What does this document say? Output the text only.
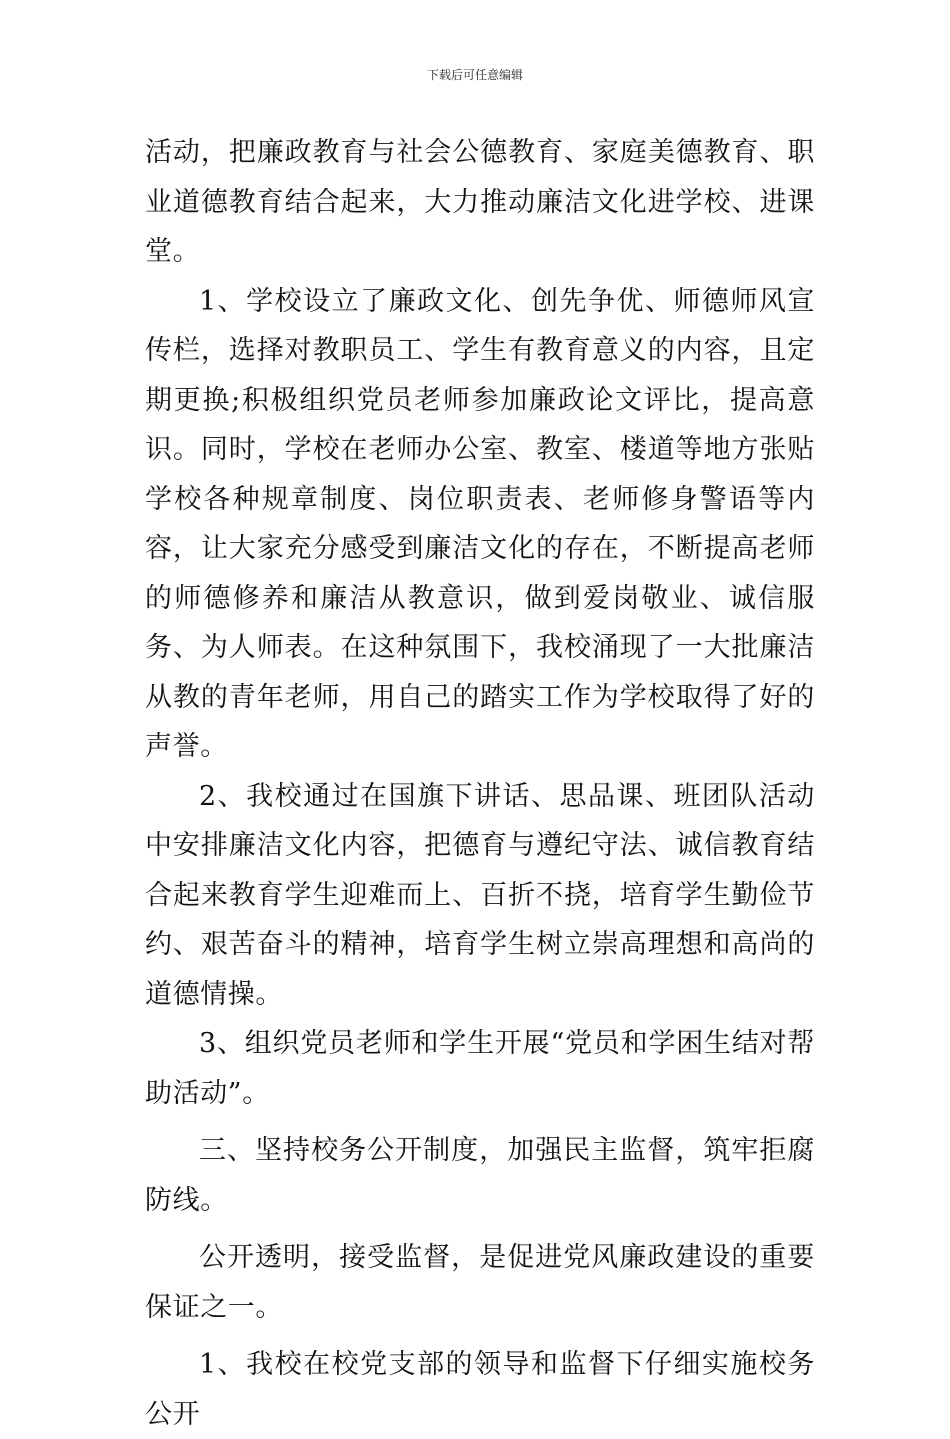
下载后可任意编辑

活动，把廉政教育与社会公德教育、家庭美德教育、职业道德教育结合起来，大力推动廉洁文化进学校、进课堂。

1、学校设立了廉政文化、创先争优、师德师风宣传栏，选择对教职员工、学生有教育意义的内容，且定期更换;积极组织党员老师参加廉政论文评比，提高意识。同时，学校在老师办公室、教室、楼道等地方张贴学校各种规章制度、岗位职责表、老师修身警语等内容，让大家充分感受到廉洁文化的存在，不断提高老师的师德修养和廉洁从教意识，做到爱岗敬业、诚信服务、为人师表。在这种氛围下，我校涌现了一大批廉洁从教的青年老师，用自己的踏实工作为学校取得了好的声誉。

2、我校通过在国旗下讲话、思品课、班团队活动中安排廉洁文化内容，把德育与遵纪守法、诚信教育结合起来教育学生迎难而上、百折不挠，培育学生勤俭节约、艰苦奋斗的精神，培育学生树立崇高理想和高尚的道德情操。

3、组织党员老师和学生开展“党员和学困生结对帮助活动”。

三、坚持校务公开制度，加强民主监督，筑牢拒腐防线。

公开透明，接受监督，是促进党风廉政建设的重要保证之一。

1、我校在校党支部的领导和监督下仔细实施校务公开
